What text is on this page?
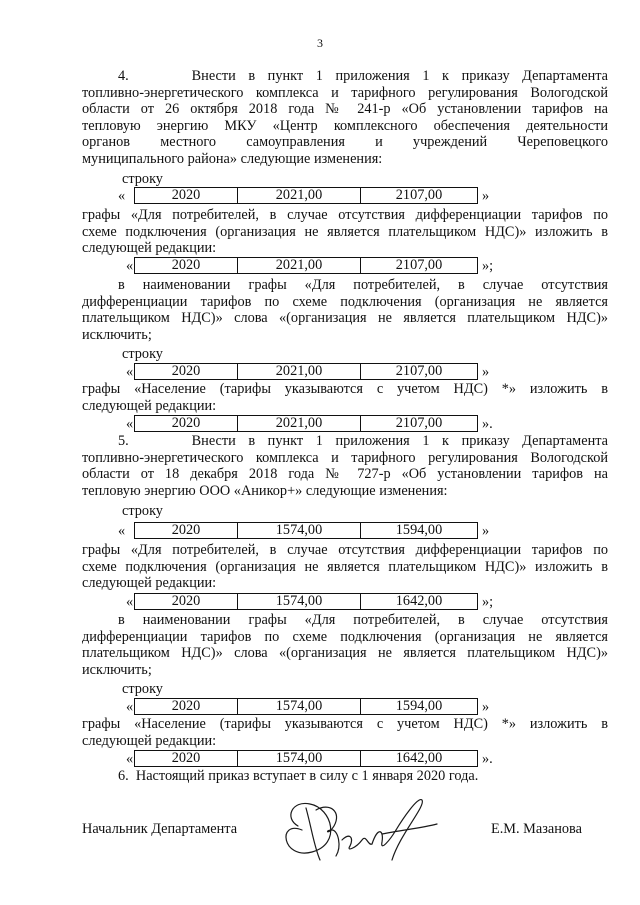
3
4.     Внести в пункт 1 приложения 1 к приказу Департамента
топливно-энергетического комплекса и тарифного регулирования Вологодской
области от 26 октября 2018 года № 241-р «Об установлении тарифов на
тепловую энергию МКУ «Центр комплексного обеспечения деятельности
органов местного самоуправления и учреждений Череповецкого
муниципального района» следующие изменения:
строку
«	2020	2021,00	2107,00	»
графы «Для потребителей, в случае отсутствия дифференциации тарифов по
схеме подключения (организация не является плательщиком НДС)» изложить в
следующей редакции:
«	2020	2021,00	2107,00	»;
в наименовании графы «Для потребителей, в случае отсутствия
дифференциации тарифов по схеме подключения (организация не является
плательщиком НДС)» слова «(организация не является плательщиком НДС)»
исключить;
строку
«	2020	2021,00	2107,00	»
графы «Население (тарифы указываются с учетом НДС) *» изложить в
следующей редакции:
«	2020	2021,00	2107,00	».
5.     Внести в пункт 1 приложения 1 к приказу Департамента
топливно-энергетического комплекса и тарифного регулирования Вологодской
области от 18 декабря 2018 года № 727-р «Об установлении тарифов на
тепловую энергию ООО «Аникор+» следующие изменения:
строку
«	2020	1574,00	1594,00	»
графы «Для потребителей, в случае отсутствия дифференциации тарифов по
схеме подключения (организация не является плательщиком НДС)» изложить в
следующей редакции:
«	2020	1574,00	1642,00	»;
в наименовании графы «Для потребителей, в случае отсутствия
дифференциации тарифов по схеме подключения (организация не является
плательщиком НДС)» слова «(организация не является плательщиком НДС)»
исключить;
строку
«	2020	1574,00	1594,00	»
графы «Население (тарифы указываются с учетом НДС) *» изложить в
следующей редакции:
«	2020	1574,00	1642,00	».
6.  Настоящий приказ вступает в силу с 1 января 2020 года.
Начальник Департамента	Е.М. Мазанова
